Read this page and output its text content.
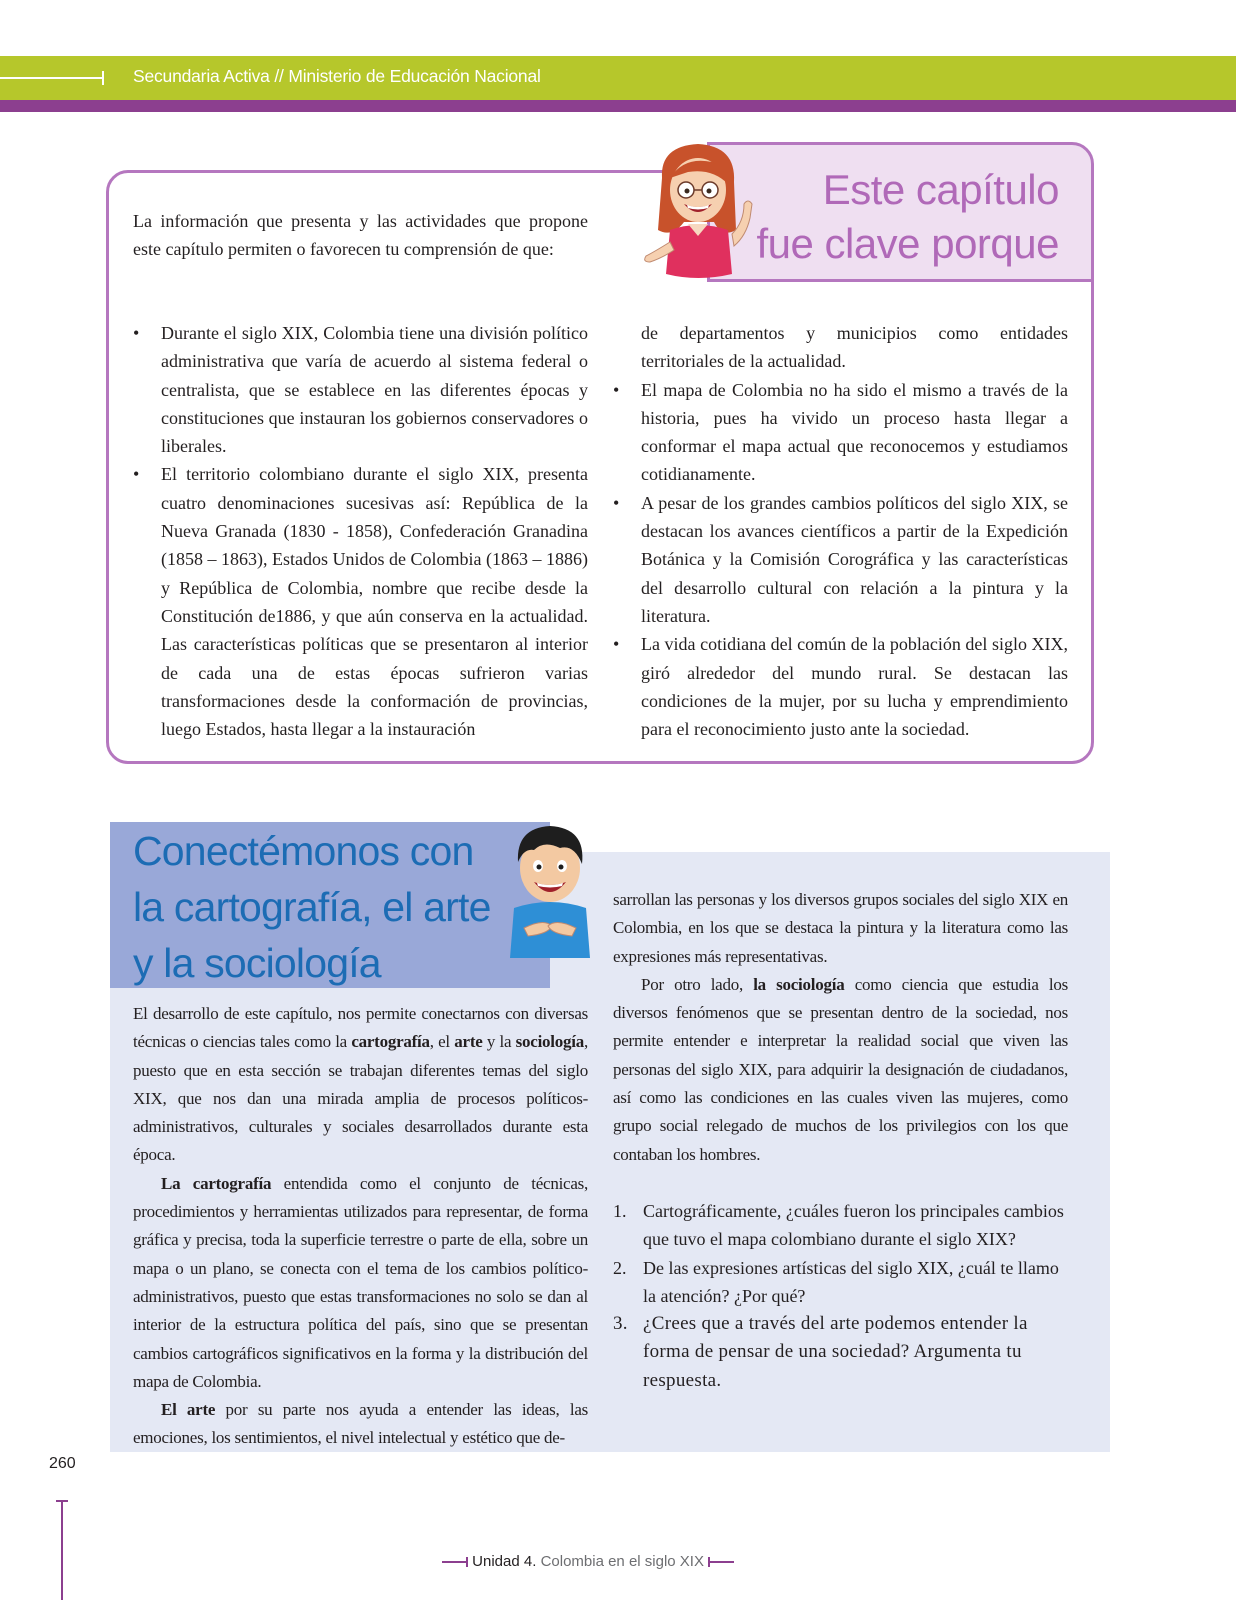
Secundaria Activa // Ministerio de Educación Nacional
Este capítulo
fue clave porque
La información que presenta y las actividades que propone este capítulo permiten o favorecen tu comprensión de que:
• Durante el siglo XIX, Colombia tiene una división político administrativa que varía de acuerdo al sistema federal o centralista, que se establece en las diferentes épocas y constituciones que instauran los gobiernos conservadores o liberales.
• El territorio colombiano durante el siglo XIX, presenta cuatro denominaciones sucesivas así: República de la Nueva Granada (1830 - 1858), Confederación Granadina (1858 – 1863), Estados Unidos de Colombia (1863 – 1886) y República de Colombia, nombre que recibe desde la Constitución de1886, y que aún conserva en la actualidad. Las características políticas que se presentaron al interior de cada una de estas épocas sufrieron varias transformaciones desde la conformación de provincias, luego Estados, hasta llegar a la instauración
de departamentos y municipios como entidades territoriales de la actualidad.
• El mapa de Colombia no ha sido el mismo a través de la historia, pues ha vivido un proceso hasta llegar a conformar el mapa actual que reconocemos y estudiamos cotidianamente.
• A pesar de los grandes cambios políticos del siglo XIX, se destacan los avances científicos a partir de la Expedición Botánica y la Comisión Corográfica y las características del desarrollo cultural con relación a la pintura y la literatura.
• La vida cotidiana del común de la población del siglo XIX, giró alrededor del mundo rural. Se destacan las condiciones de la mujer, por su lucha y emprendimiento para el reconocimiento justo ante la sociedad.
Conectémonos con
la cartografía, el arte
y la sociología

El desarrollo de este capítulo, nos permite conectarnos con diversas técnicas o ciencias tales como la cartografía, el arte y la sociología, puesto que en esta sección se trabajan diferentes temas del siglo XIX, que nos dan una mirada amplia de procesos políticos-administrativos, culturales y sociales desarrollados durante esta época.

La cartografía entendida como el conjunto de técnicas, procedimientos y herramientas utilizados para representar, de forma gráfica y precisa, toda la superficie terrestre o parte de ella, sobre un mapa o un plano, se conecta con el tema de los cambios político-administrativos, puesto que estas transformaciones no solo se dan al interior de la estructura política del país, sino que se presentan cambios cartográficos significativos en la forma y la distribución del mapa de Colombia.

El arte por su parte nos ayuda a entender las ideas, las emociones, los sentimientos, el nivel intelectual y estético que de-

sarrollan las personas y los diversos grupos sociales del siglo XIX en Colombia, en los que se destaca la pintura y la literatura como las expresiones más representativas.

Por otro lado, la sociología como ciencia que estudia los diversos fenómenos que se presentan dentro de la sociedad, nos permite entender e interpretar la realidad social que viven las personas del siglo XIX, para adquirir la designación de ciudadanos, así como las condiciones en las cuales viven las mujeres, como grupo social relegado de muchos de los privilegios con los que contaban los hombres.

1. Cartográficamente, ¿cuáles fueron los principales cambios que tuvo el mapa colombiano durante el siglo XIX?
2. De las expresiones artísticas del siglo XIX, ¿cuál te llamo la atención? ¿Por qué?
3. ¿Crees que a través del arte podemos entender la forma de pensar de una sociedad? Argumenta tu respuesta.
260
Unidad 4. Colombia en el siglo XIX
